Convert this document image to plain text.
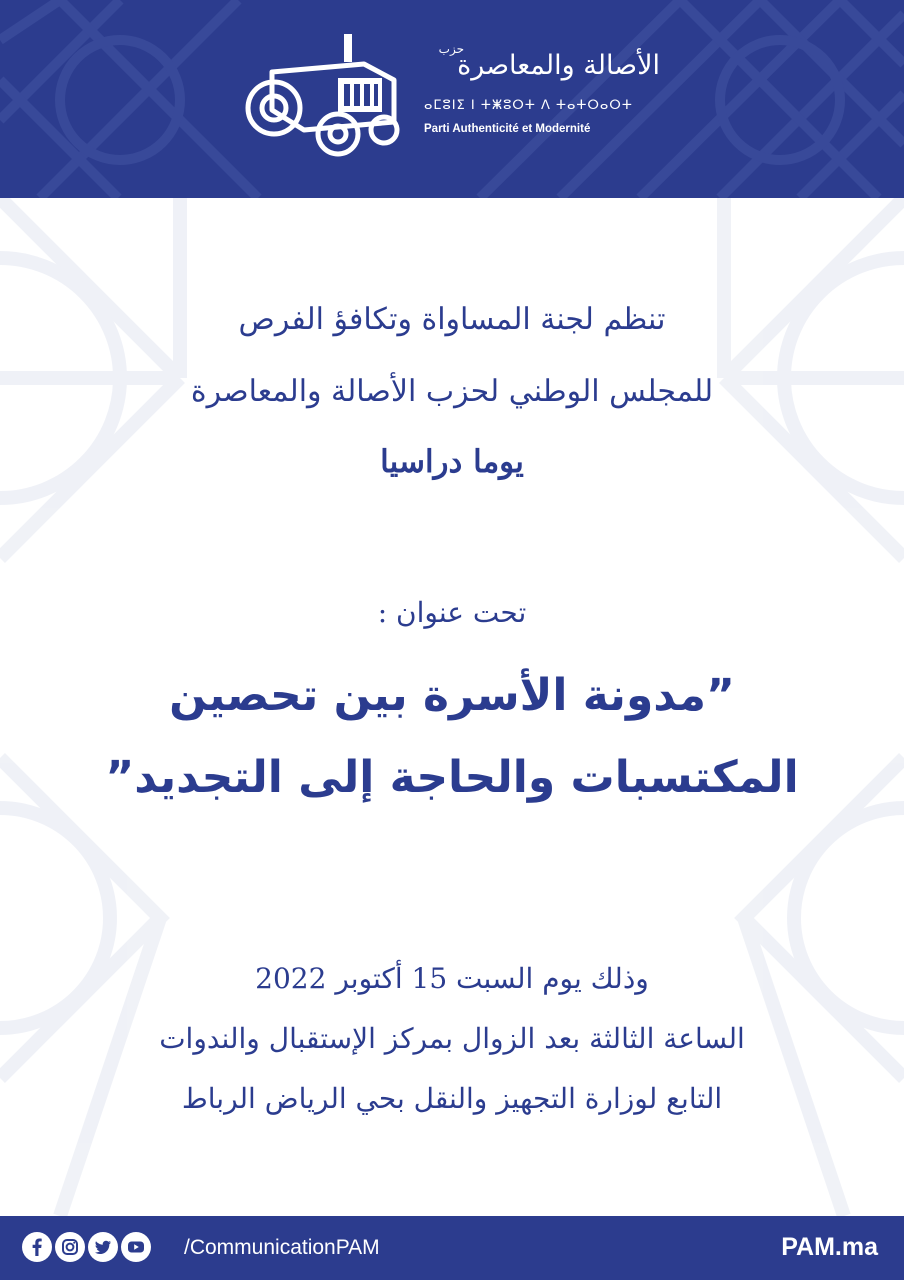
حزب
الأصالة والمعاصرة
ⴰⵎⵓⵏⵉ ⵏ ⵜⵥⵓⵔⵜ ⴷ ⵜⴰⵜⵔⴰⵔⵜ
Parti Authenticité et Modernité
تنظم لجنة المساواة وتكافؤ الفرص
للمجلس الوطني لحزب الأصالة والمعاصرة
يوما دراسيا
تحت عنوان :
”مدونة الأسرة بين تحصين
المكتسبات والحاجة إلى التجديد”
وذلك يوم السبت 15 أكتوبر 2022
الساعة الثالثة بعد الزوال بمركز الإستقبال والندوات
التابع لوزارة التجهيز والنقل بحي الرياض الرباط
/CommunicationPAM	PAM.ma
